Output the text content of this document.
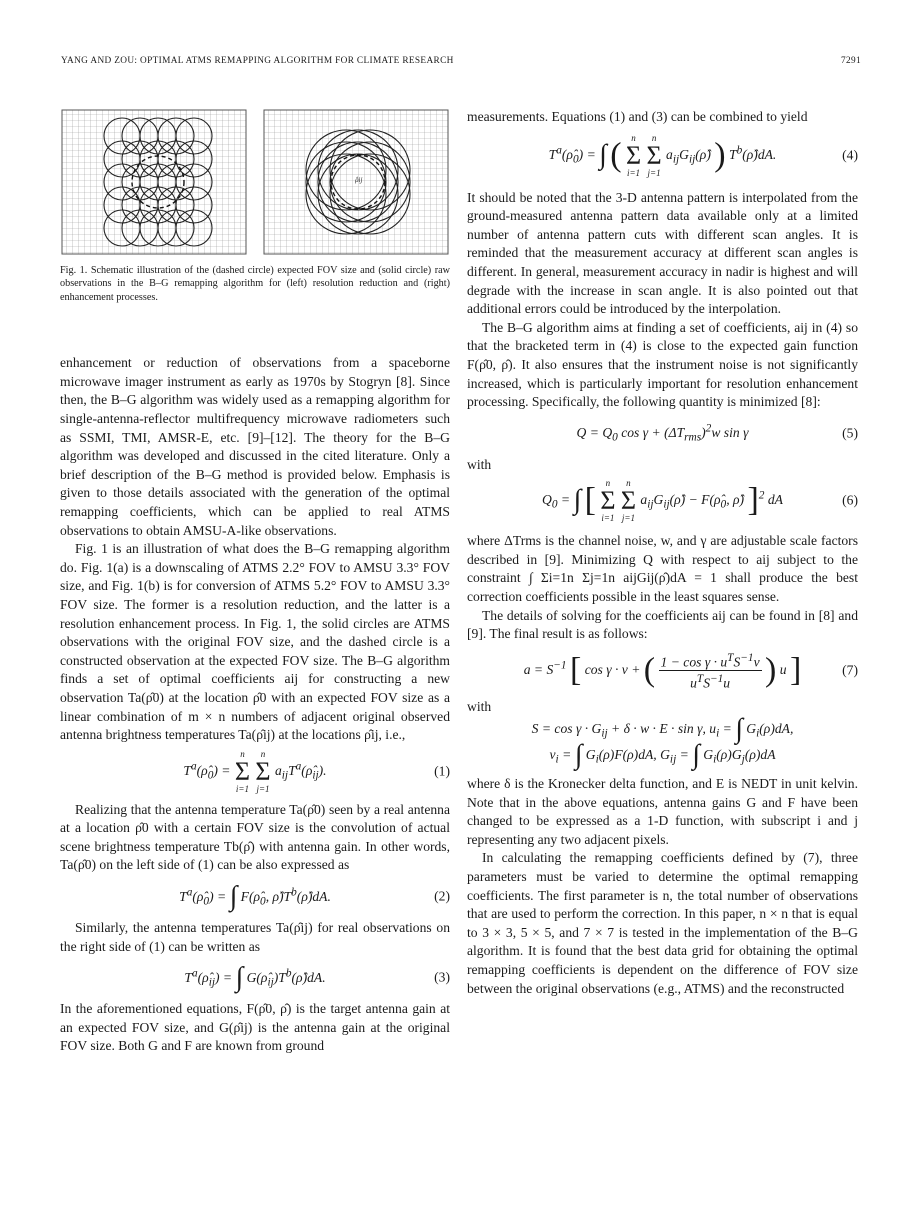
YANG AND ZOU: OPTIMAL ATMS REMAPPING ALGORITHM FOR CLIMATE RESEARCH	7291
ρ̂ij

Fig. 1. Schematic illustration of the (dashed circle) expected FOV size and (solid circle) raw observations in the B–G remapping algorithm for (left) resolution reduction and (right) enhancement processes.

enhancement or reduction of observations from a spaceborne microwave imager instrument as early as 1970s by Stogryn [8]. Since then, the B–G algorithm was widely used as a remapping algorithm for single-antenna-reflector multifrequency microwave radiometers such as SSMI, TMI, AMSR-E, etc. [9]–[12]. The theory for the B–G algorithm was developed and discussed in the cited literature. Only a brief description of the B–G method is provided below. Emphasis is given to those details associated with the generation of the optimal remapping coefficients, which can be applied to real ATMS observations to obtain AMSU-A-like observations.

Fig. 1 is an illustration of what does the B–G remapping algorithm do. Fig. 1(a) is a downscaling of ATMS 2.2° FOV to AMSU 3.3° FOV size, and Fig. 1(b) is for conversion of ATMS 5.2° FOV to AMSU 3.3° FOV size. The former is a resolution reduction, and the latter is a resolution enhancement process. In Fig. 1, the solid circles are ATMS observations with the original FOV size, and the dashed circle is a constructed observation at the expected FOV size. The B–G algorithm finds a set of optimal coefficients aij for constructing a new observation Ta(ρ̂0) at the location ρ̂0 with an expected FOV size as a linear combination of m × n numbers of adjacent original observed antenna brightness temperatures Ta(ρ̂ij) at the locations ρ̂ij, i.e.,

$T^a(\rhô_0)$ =
n
Σ
i=1

n
Σ
j=1
$a_{ij}T^a(\rhô_{ij})$.	(1)

Realizing that the antenna temperature Ta(ρ̂0) seen by a real antenna at a location ρ̂0 with a certain FOV size is the convolution of actual scene brightness temperature Tb(ρ̂) with antenna gain. In other words, Ta(ρ̂0) on the left side of (1) can be also expressed as

$T^a(\rhô_0)$ = ∫ $F(\rhô_0$, $\rhô)T^b(\rhô)dA$.	(2)

Similarly, the antenna temperatures Ta(ρ̂ij) for real observations on the right side of (1) can be written as

$T^a(\rhô_{ij})$ = ∫ $G(\rhô_{ij})T^b(\rhô)dA$.	(3)

In the aforementioned equations, F(ρ̂0, ρ̂) is the target antenna gain at an expected FOV size, and G(ρ̂ij) is the antenna gain at the original FOV size. Both G and F are known from ground

measurements. Equations (1) and (3) can be combined to yield

$T^a(\rhô_0)$ = ∫ (	n
Σ
i=1

n
Σ
j=1
$a_{ij}G_{ij}(\rhô)$ ) $T^b(\rhô)dA$.	(4)

It should be noted that the 3-D antenna pattern is interpolated from the ground-measured antenna pattern data available only at a limited number of antenna pattern cuts with different scan angles. It is reminded that the measurement accuracy at different scan angles is different. In general, measurement accuracy in nadir is highest and will degrade with the increase in scan angle. It is also pointed out that additional errors could be introduced by the interpolation.

The B–G algorithm aims at finding a set of coefficients, aij in (4) so that the bracketed term in (4) is close to the expected gain function F(ρ̂0, ρ̂). It also ensures that the instrument noise is not significantly increased, which is particularly important for resolution enhancement processing. Specifically, the following quantity is minimized [8]:

$Q = Q_0$ $\cos \gamma + (\Delta T_{rms})^2w$ sin γ	(5)

with

$Q_0$ = ∫ [	n
Σ
i=1

n
Σ
j=1
$a_{ij}G_{ij}(\rhô)$ − $F(\rhô_0$, ρ̂) ]$^2$ dA	(6)

where ΔTrms is the channel noise, w, and γ are adjustable scale factors described in [9]. Minimizing Q with respect to aij subject to the constraint ∫ Σi=1n Σj=1n aijGij(ρ̂)dA = 1 shall produce the best correction coefficients possible in the least squares sense.

The details of solving for the coefficients aij can be found in [8] and [9]. The final result is as follows:

$a = S^{-1}$ [ cos γ · v + ( $\frac{1 - \cos \gamma \cdot u^TS^{-1}v}{u^TS^{-1}u}$ ) u ]	(7)

with

$S = \cos \gamma \cdot G_{ij} + \delta \cdot w \cdot E \cdot \sin \gamma$, $u_i$ = ∫ $G_i(\rho)dA$,
$v_i$ = ∫ $G_i(\rho)F(\rho)dA$, $G_{ij}$ = ∫ $G_i(\rho)G_j(\rho)dA$

where δ is the Kronecker delta function, and E is NEDT in unit kelvin. Note that in the above equations, antenna gains G and F have been changed to be expressed as a 1-D function, with subscript i and j representing any two adjacent pixels.

In calculating the remapping coefficients defined by (7), three parameters must be varied to determine the optimal remapping coefficients. The first parameter is n, the total number of observations that are used to perform the correction. In this paper, n × n that is equal to 3 × 3, 5 × 5, and 7 × 7 is tested in the implementation of the B–G algorithm. It is found that the best data grid for obtaining the optimal remapping coefficients is dependent on the difference of FOV size between the original observations (e.g., ATMS) and the reconstructed
